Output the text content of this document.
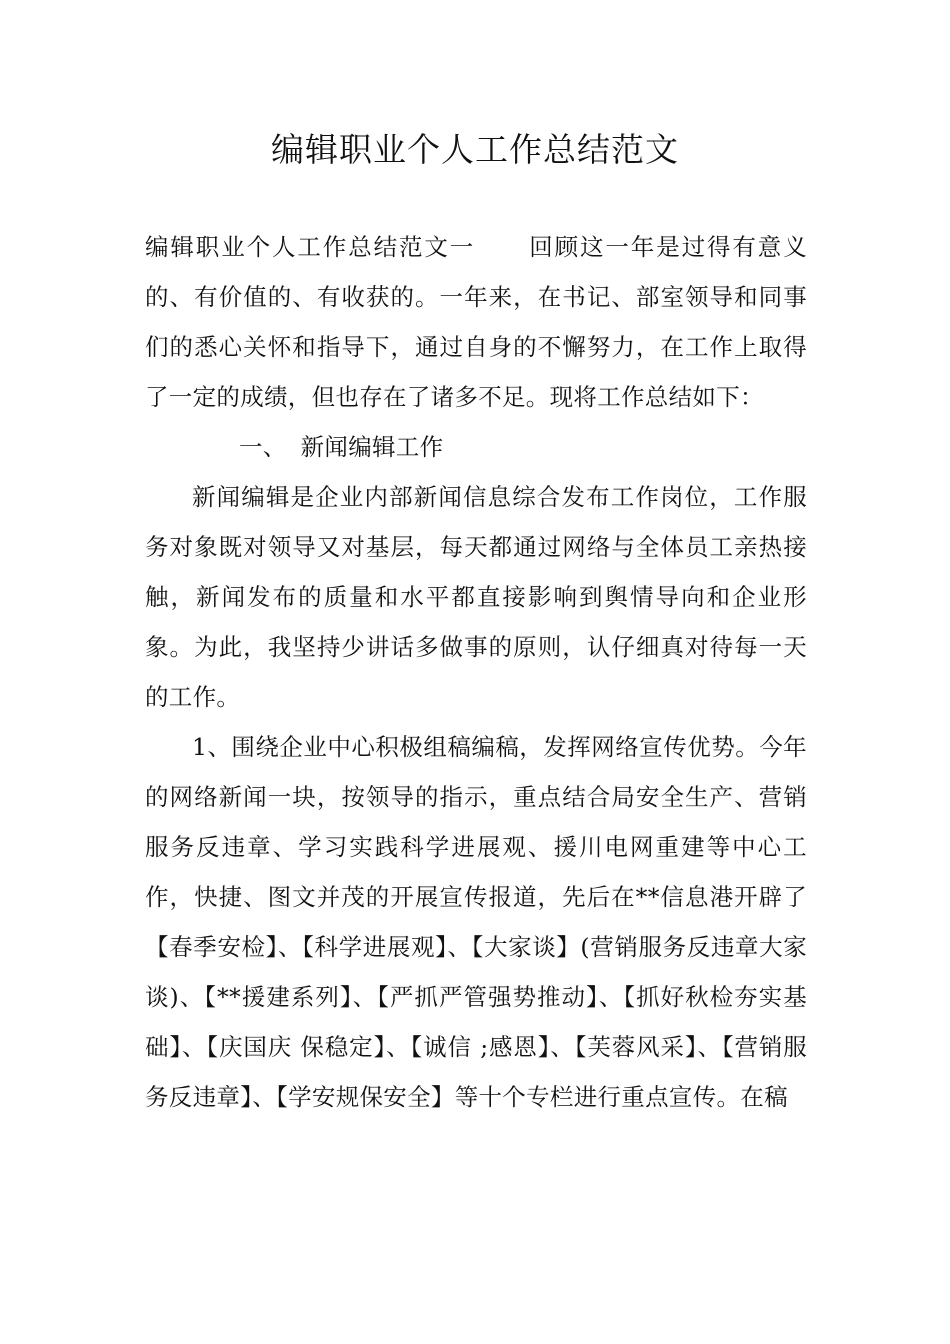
编辑职业个人工作总结范文

编辑职业个人工作总结范文一 回顾这一年是过得有意义的、有价值的、有收获的。一年来，在书记、部室领导和同事们的悉心关怀和指导下，通过自身的不懈努力，在工作上取得了一定的成绩，但也存在了诸多不足。现将工作总结如下：

一、 新闻编辑工作

新闻编辑是企业内部新闻信息综合发布工作岗位，工作服务对象既对领导又对基层，每天都通过网络与全体员工亲热接触，新闻发布的质量和水平都直接影响到舆情导向和企业形象。为此，我坚持少讲话多做事的原则，认仔细真对待每一天的工作。

1、围绕企业中心积极组稿编稿，发挥网络宣传优势。今年的网络新闻一块，按领导的指示，重点结合局安全生产、营销服务反违章、学习实践科学进展观、援川电网重建等中心工作，快捷、图文并茂的开展宣传报道，先后在**信息港开辟了【春季安检】、【科学进展观】、【大家谈】(营销服务反违章大家谈)、【**援建系列】、【严抓严管强势推动】、【抓好秋检夯实基础】、【庆国庆 保稳定】、【诚信 ;感恩】、【芙蓉风采】、【营销服务反违章】、【学安规保安全】等十个专栏进行重点宣传。在稿
